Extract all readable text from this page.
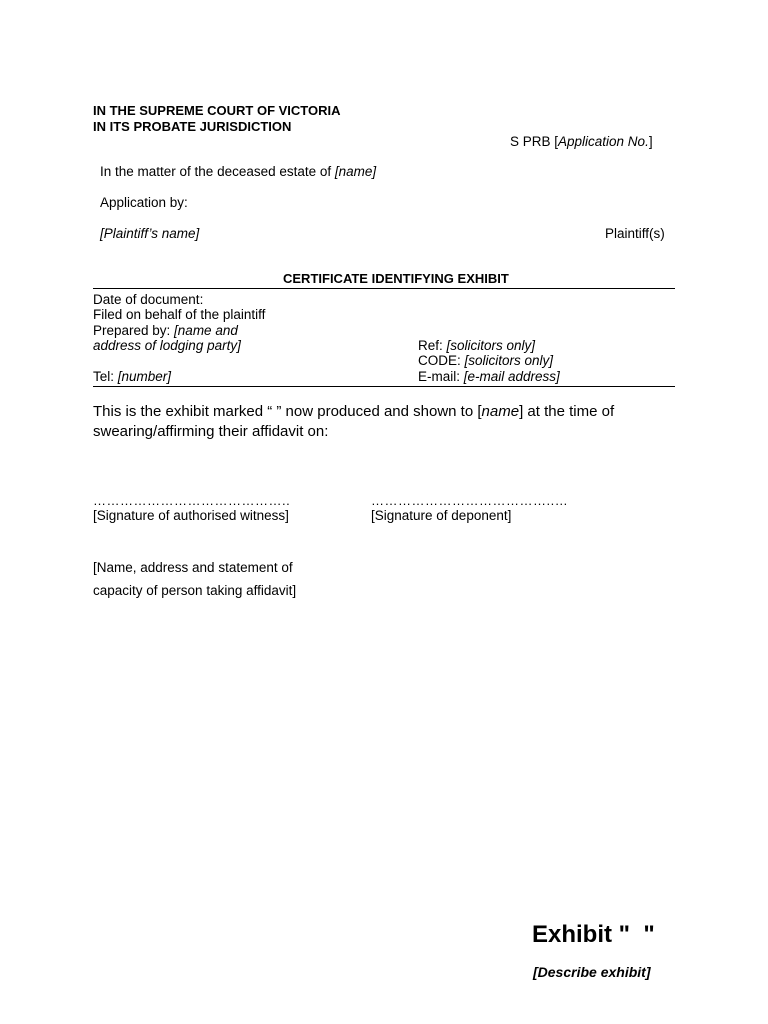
IN THE SUPREME COURT OF VICTORIA
IN ITS PROBATE JURISDICTION
S PRB [Application No.]
In the matter of the deceased estate of [name]
Application by:
[Plaintiff’s name]	Plaintiff(s)
CERTIFICATE IDENTIFYING EXHIBIT
Date of document:
Filed on behalf of the plaintiff
Prepared by: [name and
address of lodging party]
Tel: [number]
Ref: [solicitors only]
CODE: [solicitors only]
E-mail: [e-mail address]
This is the exhibit marked “ ” now produced and shown to [name] at the time of
swearing/affirming their affidavit on:
……………………………………..
[Signature of authorised witness]
…………………………………..…
[Signature of deponent]
[Name, address and statement of
capacity of person taking affidavit]
Exhibit "  "
[Describe exhibit]
